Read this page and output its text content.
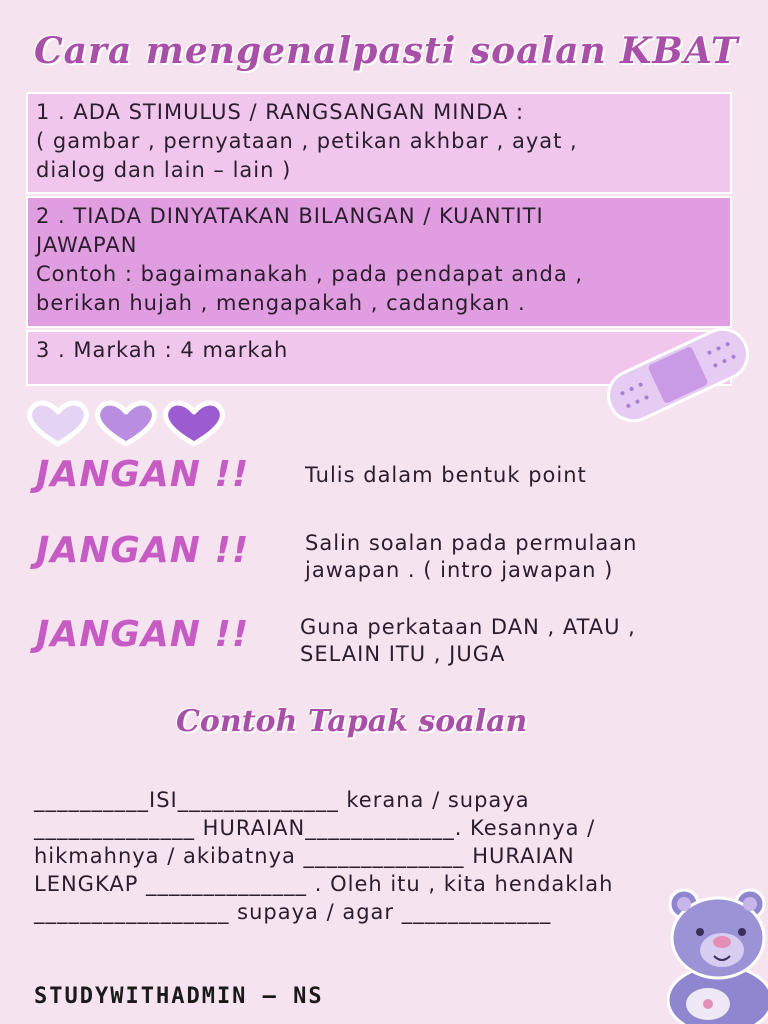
Cara mengenalpasti soalan KBAT
1 . ADA STIMULUS / RANGSANGAN MINDA :
( gambar , pernyataan , petikan akhbar , ayat ,
dialog dan lain – lain )
2 . TIADA DINYATAKAN BILANGAN / KUANTITI
JAWAPAN
Contoh : bagaimanakah , pada pendapat anda ,
berikan hujah , mengapakah , cadangkan .
3 . Markah : 4 markah
JANGAN !!	Tulis dalam bentuk point
JANGAN !!	Salin soalan pada permulaan
jawapan . ( intro jawapan )
JANGAN !! Guna perkataan DAN , ATAU ,
SELAIN ITU , JUGA
Contoh Tapak soalan
__________ISI______________ kerana / supaya
______________ HURAIAN_____________. Kesannya /
hikmahnya / akibatnya ______________ HURAIAN
LENGKAP ______________ . Oleh itu , kita hendaklah
_________________ supaya / agar _____________
STUDYWITHADMIN – NS
